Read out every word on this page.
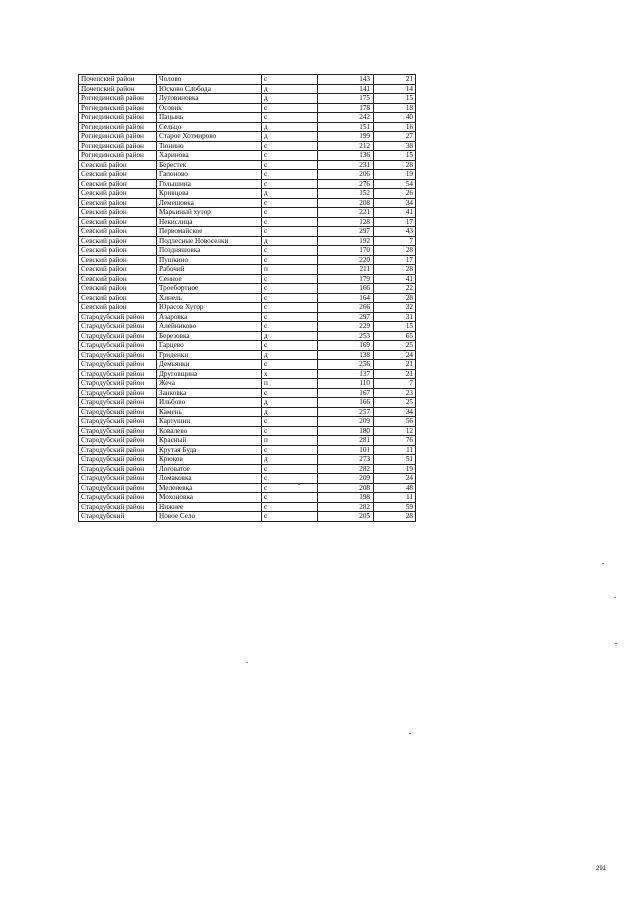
Почепский район	Чолово	с	143	21
Почепский район	Юсково Слобода	д	141	14
Рогнединский район	Лутовиновка	д	175	15
Рогнединский район	Осовик	с	178	18
Рогнединский район	Пацынь	с	242	40
Рогнединский район	Сельцо	д	151	16
Рогнединский район	Старое Хотмирово	д	199	27
Рогнединский район	Тюнино	с	212	38
Рогнединский район	Харинова	с	136	15
Севский район	Берестек	с	231	28
Севский район	Гапоново	с	206	19
Севский район	Голышина	с	276	54
Севский район	Кривцова	д	152	26
Севский район	Лемешовка	с	208	34
Севский район	Марьиный хутор	с	221	41
Севский район	Некислица	с	128	17
Севский район	Первомайское	с	297	43
Севский район	Подлесные Новоселки	д	192	7
Севский район	Поздняшовка	с	170	28
Севский район	Пушкино	с	220	17
Севский район	Рабочий	п	211	28
Севский район	Сенное	с	179	41
Севский район	Троебортное	с	166	22
Севский район	Хинель	с	164	28
Севский район	Юрасов Хутор	с	266	32
Стародубский район	Азаровка	с	297	31
Стародубский район	Алейниково	с	229	15
Стародубский район	Березовка	д	253	65
Стародубский район	Гарцево	с	169	25
Стародубский район	Гриденки	д	138	24
Стародубский район	Демьянки	с	256	21
Стародубский район	Друговщина	х	137	21
Стародубский район	Жеча	п	110	7
Стародубский район	Занковка	с	167	23
Стародубский район	Ильбово	д	166	25
Стародубский район	Камень	д	257	34
Стародубский район	Картушин	с	209	56
Стародубский район	Ковалево	с	180	12
Стародубский район	Красный	п	281	76
Стародубский район	Крутая Буда	с	101	11
Стародубский район	Крюков	д	273	51
Стародубский район	Логоватое	с	282	19
Стародубский район	Ломаковка	с	209	24
Стародубский район	Меленевка	с	208	48
Стародубский район	Мохоновка	с	198	11
Стародубский район	Нижнее	с	282	59
Стародубский	Новое Село	с	205	28
291
